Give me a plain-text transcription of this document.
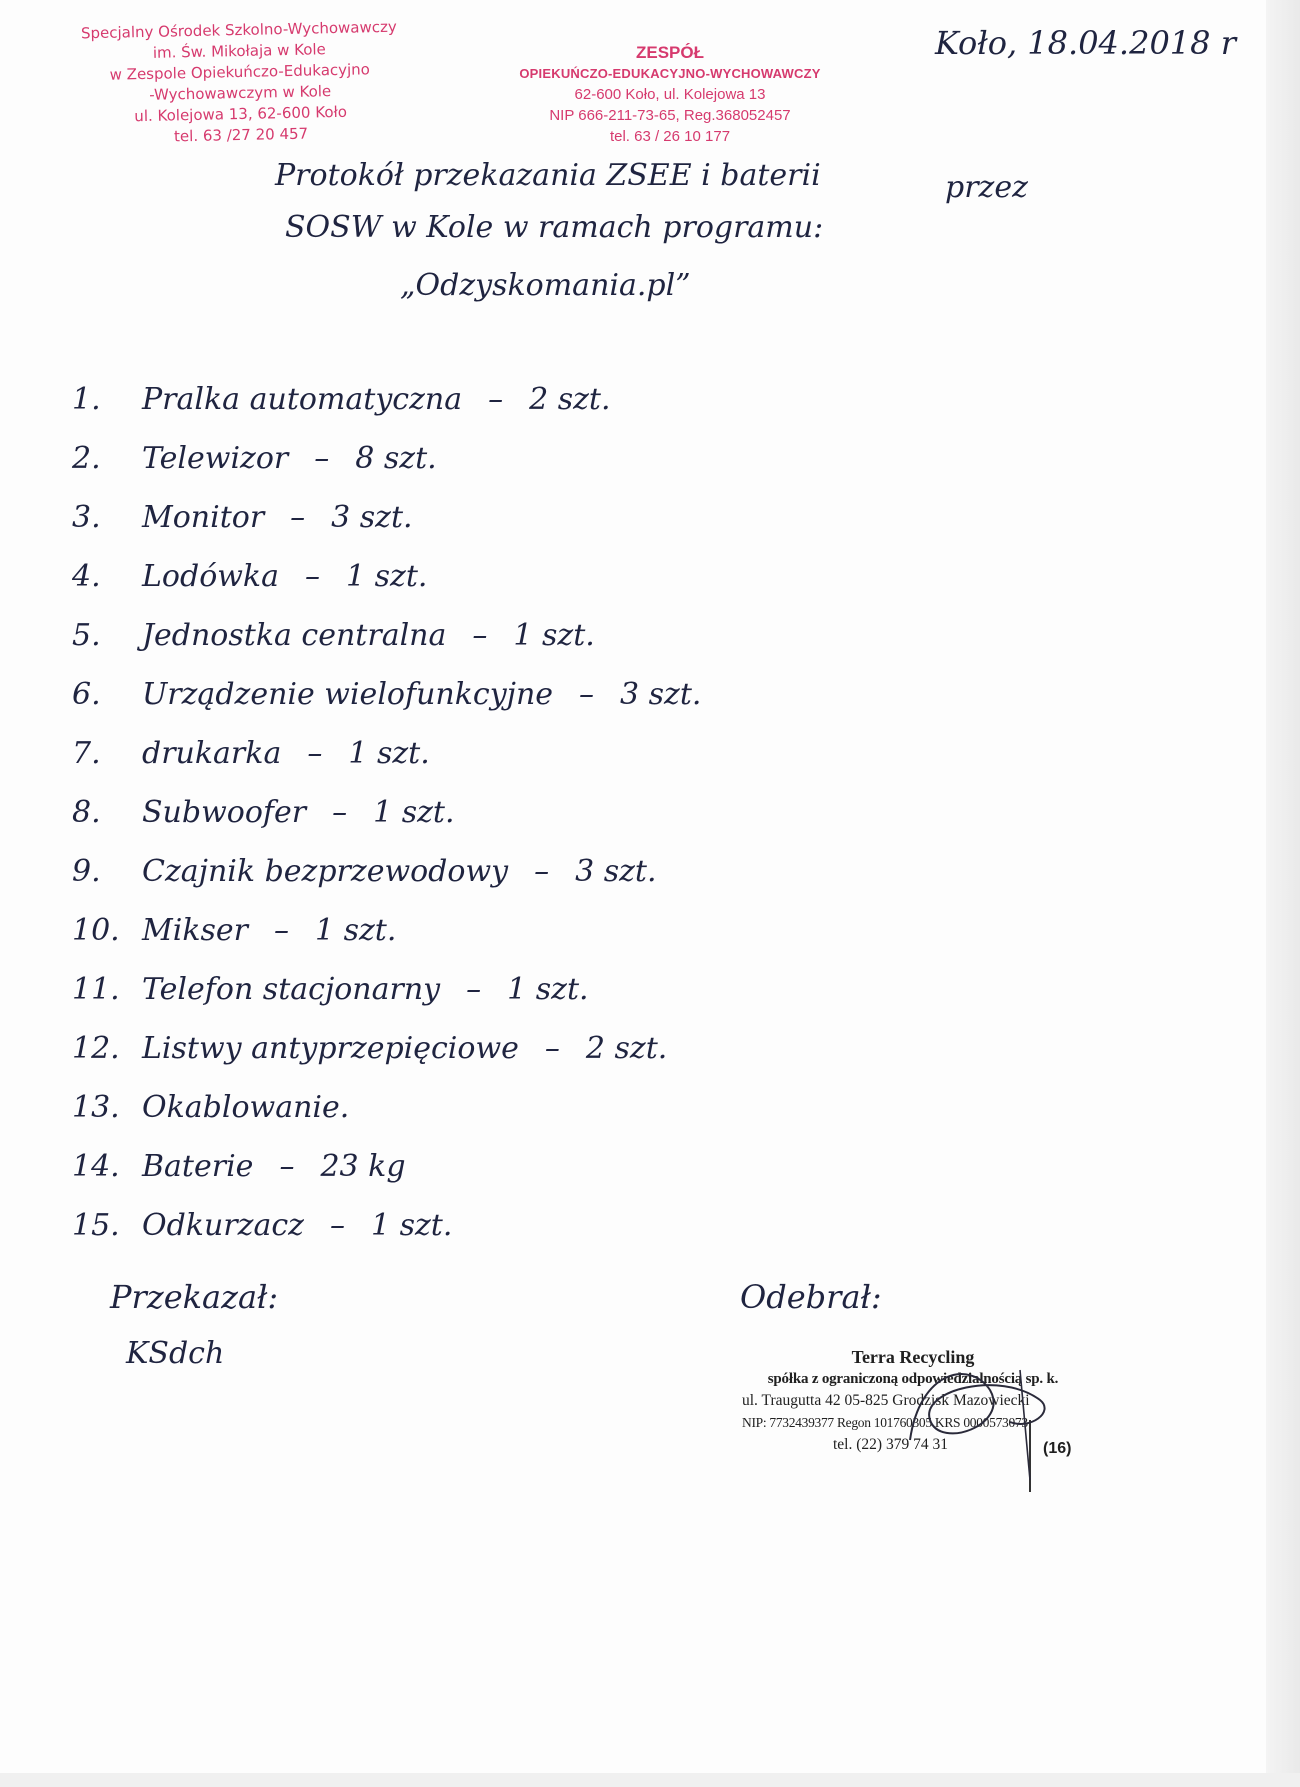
Specjalny Ośrodek Szkolno-Wychowawczy
im. Św. Mikołaja w Kole
w Zespole Opiekuńczo-Edukacyjno
-Wychowawczym w Kole
ul. Kolejowa 13, 62-600 Koło
tel. 63 /27 20 457
ZESPÓŁ
OPIEKUŃCZO-EDUKACYJNO-WYCHOWAWCZY
62-600 Koło, ul. Kolejowa 13
NIP 666-211-73-65, Reg.368052457
tel. 63 / 26 10 177
Koło, 18.04.2018 r
Protokół przekazania ZSEE i baterii	przez
SOSW w Kole w ramach programu:
„Odzyskomania.pl”
1.	Pralka automatyczna – 2 szt.
2.	Telewizor – 8 szt.
3.	Monitor – 3 szt.
4.	Lodówka – 1 szt.
5.	Jednostka centralna – 1 szt.
6.	Urządzenie wielofunkcyjne – 3 szt.
7.	drukarka – 1 szt.
8.	Subwoofer – 1 szt.
9.	Czajnik bezprzewodowy – 3 szt.
10. Mikser – 1 szt.
11. Telefon stacjonarny – 1 szt.
12. Listwy antyprzepięciowe – 2 szt.
13. Okablowanie.
14. Baterie – 23 kg
15. Odkurzacz – 1 szt.
Przekazał:
KSdch
Odebrał:
Terra Recycling
spółka z ograniczoną odpowiedzialnością sp. k.
ul. Traugutta 42 05-825 Grodzisk Mazowiecki
NIP: 7732439377 Regon 101760305 KRS 0000573073
tel. (22) 379 74 31	(16)
